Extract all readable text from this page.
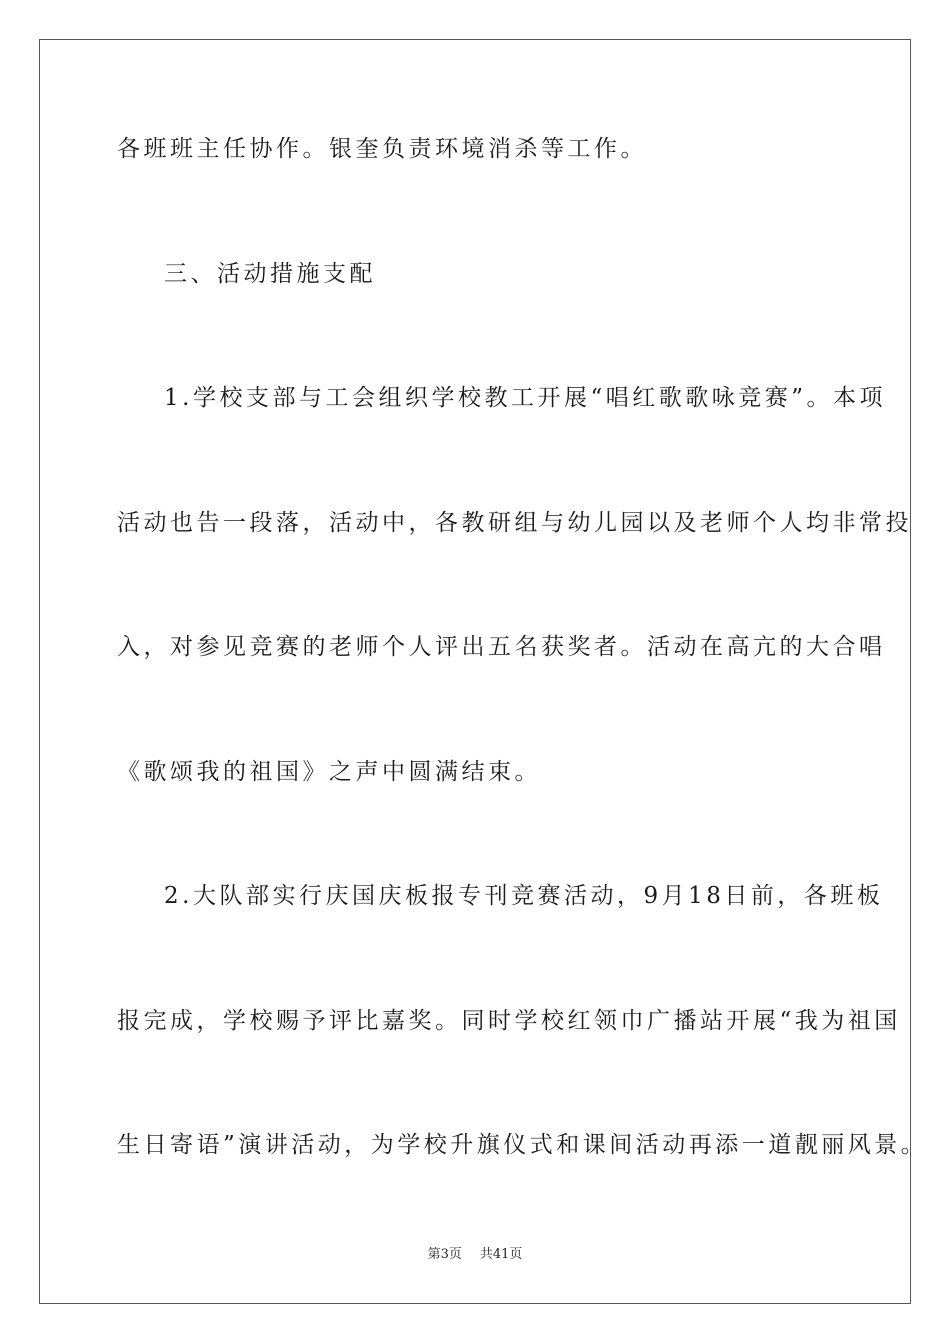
各班班主任协作。银奎负责环境消杀等工作。
三、活动措施支配
1.学校支部与工会组织学校教工开展“唱红歌歌咏竞赛”。本项
活动也告一段落，活动中，各教研组与幼儿园以及老师个人均非常投
入，对参见竞赛的老师个人评出五名获奖者。活动在高亢的大合唱
《歌颂我的祖国》之声中圆满结束。
2.大队部实行庆国庆板报专刊竞赛活动，9月18日前，各班板
报完成，学校赐予评比嘉奖。同时学校红领巾广播站开展“我为祖国
生日寄语”演讲活动，为学校升旗仪式和课间活动再添一道靓丽风景。
第3页 共41页
